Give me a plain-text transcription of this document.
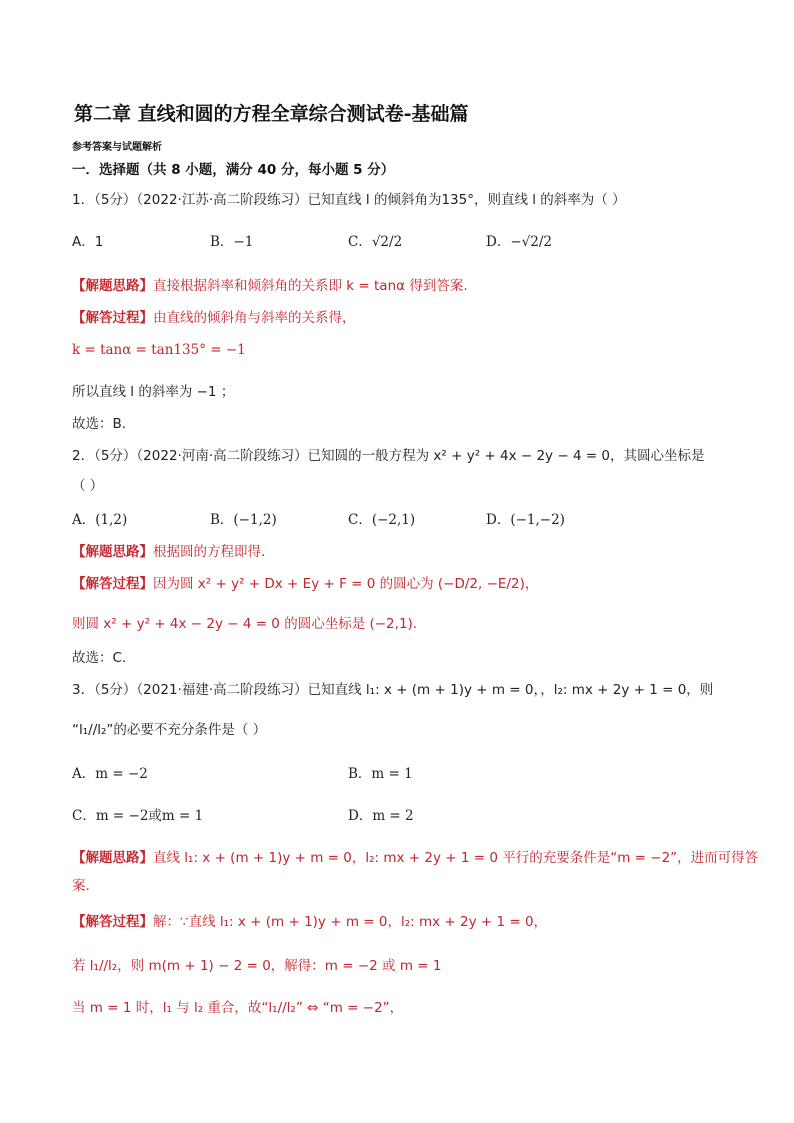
第二章 直线和圆的方程全章综合测试卷-基础篇
参考答案与试题解析
一．选择题（共 8 小题，满分 40 分，每小题 5 分）
1．（5分）（2022·江苏·高二阶段练习）已知直线 l 的倾斜角为135°，则直线 l 的斜率为（ ）
A．1	B．−1	C．√2/2	D．−√2/2
【解题思路】直接根据斜率和倾斜角的关系即 k = tanα 得到答案.
【解答过程】由直线的倾斜角与斜率的关系得，
k = tanα = tan135° = −1
所以直线 l 的斜率为 −1 ；
故选：B.
2．（5分）（2022·河南·高二阶段练习）已知圆的一般方程为 x² + y² + 4x − 2y − 4 = 0，其圆心坐标是
（ ）
A．(1,2)	B．(−1,2)	C．(−2,1)	D．(−1,−2)
【解题思路】根据圆的方程即得.
【解答过程】因为圆 x² + y² + Dx + Ey + F = 0 的圆心为 (−D/2, −E/2)，
则圆 x² + y² + 4x − 2y − 4 = 0 的圆心坐标是 (−2,1).
故选：C.
3．（5分）（2021·福建·高二阶段练习）已知直线 l₁: x + (m + 1)y + m = 0，，l₂: mx + 2y + 1 = 0，则
“l₁//l₂”的必要不充分条件是（ ）
A．m = −2	B．m = 1
C．m = −2或m = 1	D．m = 2
【解题思路】直线 l₁: x + (m + 1)y + m = 0，l₂: mx + 2y + 1 = 0 平行的充要条件是“m = −2”，进而可得答
案.
【解答过程】解：∵直线 l₁: x + (m + 1)y + m = 0，l₂: mx + 2y + 1 = 0，
若 l₁//l₂，则 m(m + 1) − 2 = 0，解得：m = −2 或 m = 1
当 m = 1 时，l₁ 与 l₂ 重合，故“l₁//l₂” ⇔ “m = −2”，
